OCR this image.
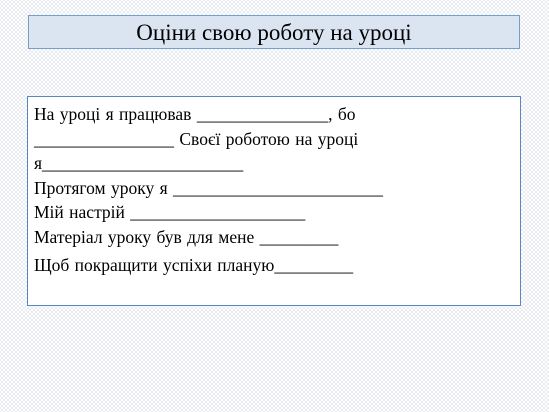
Оціни свою роботу на уроці
На уроці я працював _______________, бо
________________ Своєї роботою на уроці
я_______________________
Протягом уроку я ________________________
Мій настрій ____________________
Матеріал уроку був для мене _________
Щоб покращити успіхи планую_________
